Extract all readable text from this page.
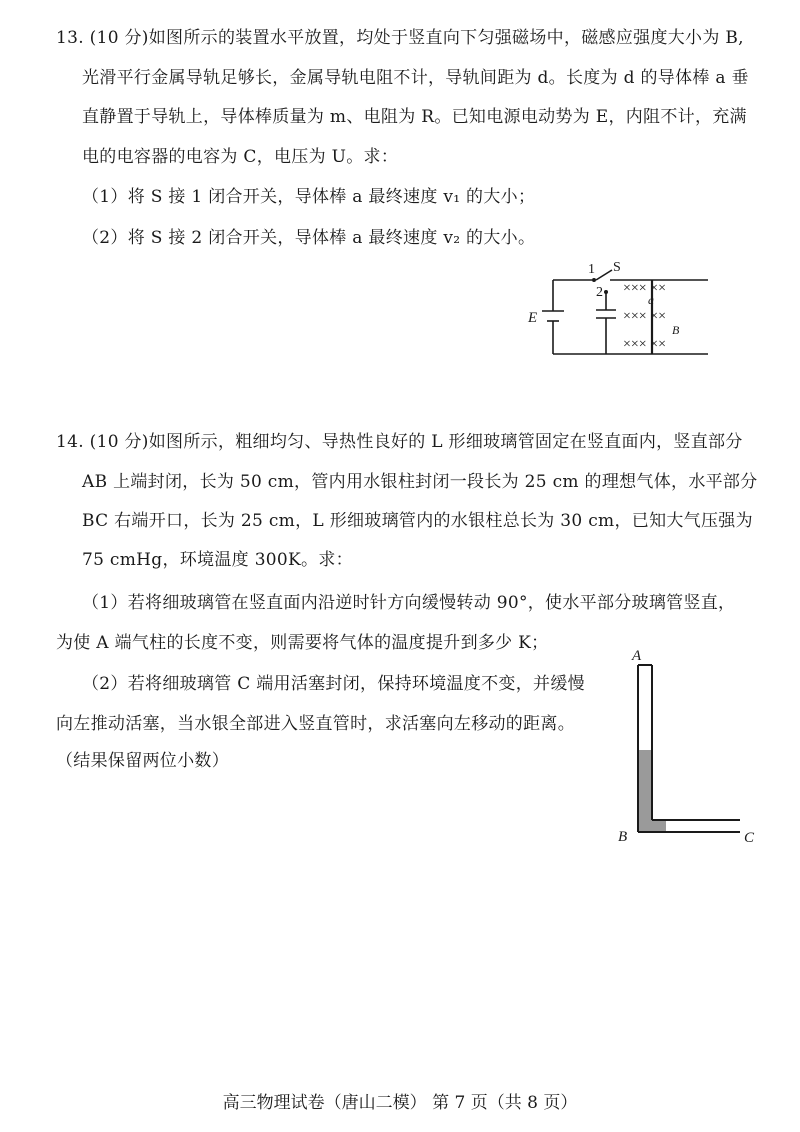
13. (10 分)如图所示的装置水平放置，均处于竖直向下匀强磁场中，磁感应强度大小为 B,
光滑平行金属导轨足够长，金属导轨电阻不计，导轨间距为 d。长度为 d 的导体棒 a 垂
直静置于导轨上，导体棒质量为 m、电阻为 R。已知电源电动势为 E，内阻不计，充满
电的电容器的电容为 C，电压为 U。求：
（1）将 S 接 1 闭合开关，导体棒 a 最终速度 v₁ 的大小；
（2）将 S 接 2 闭合开关，导体棒 a 最终速度 v₂ 的大小。
1 S
2
E
××× ××
××× ××
××× ××
a
B
14. (10 分)如图所示，粗细均匀、导热性良好的 L 形细玻璃管固定在竖直面内，竖直部分
AB 上端封闭，长为 50 cm，管内用水银柱封闭一段长为 25 cm 的理想气体，水平部分
BC 右端开口，长为 25 cm，L 形细玻璃管内的水银柱总长为 30 cm，已知大气压强为
75 cmHg，环境温度 300K。求：
（1）若将细玻璃管在竖直面内沿逆时针方向缓慢转动 90°，使水平部分玻璃管竖直，
为使 A 端气柱的长度不变，则需要将气体的温度提升到多少 K；
（2）若将细玻璃管 C 端用活塞封闭，保持环境温度不变，并缓慢
向左推动活塞，当水银全部进入竖直管时，求活塞向左移动的距离。
（结果保留两位小数）
A
B	C
高三物理试卷（唐山二模） 第 7 页（共 8 页）
